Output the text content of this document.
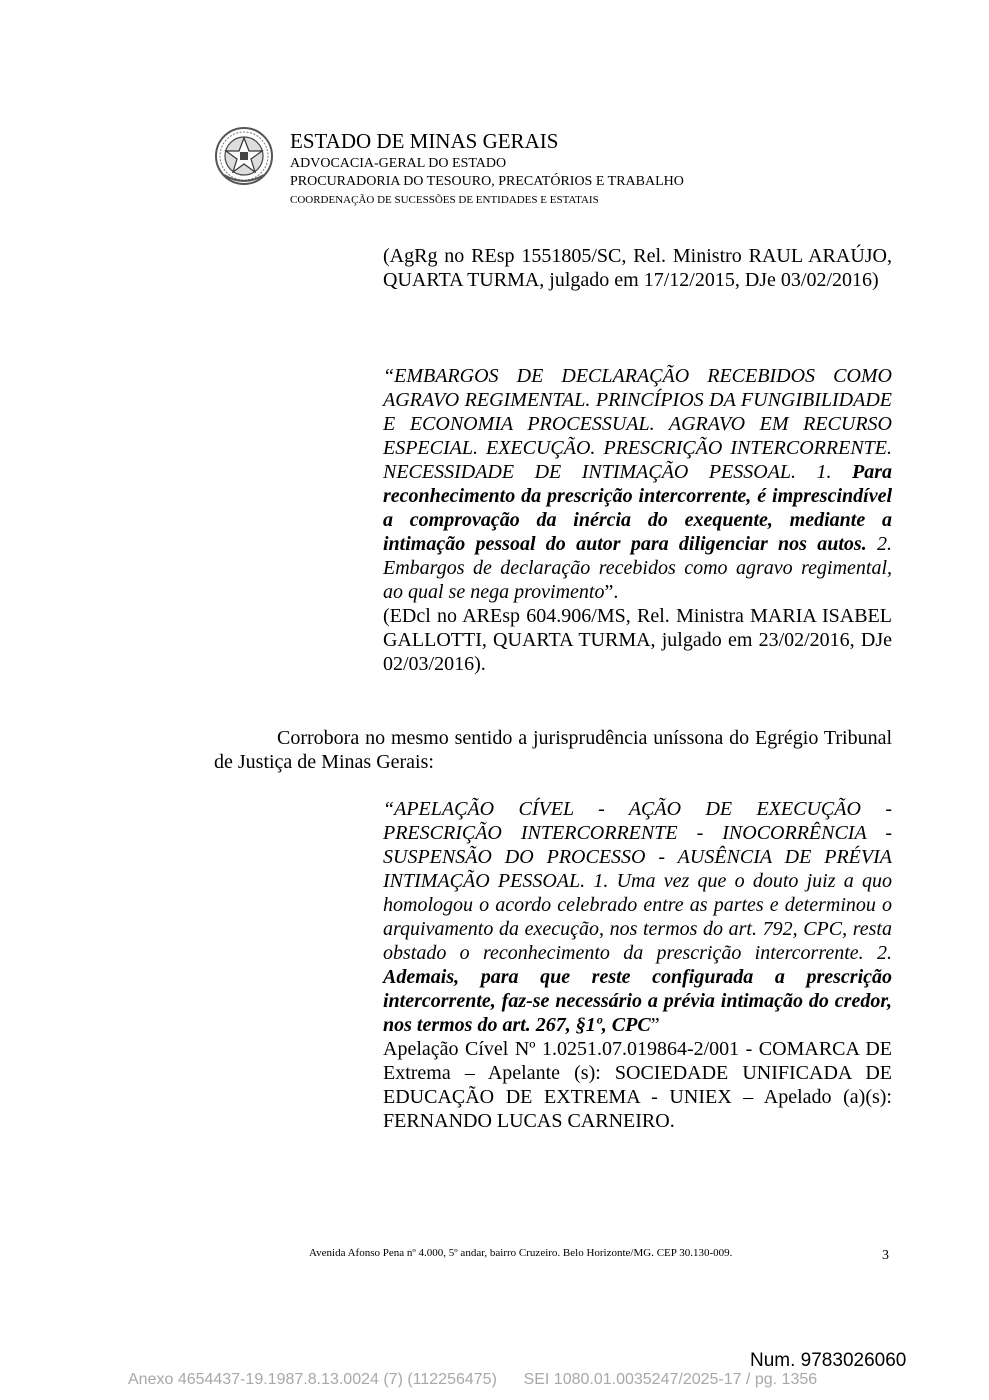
ESTADO DE MINAS GERAIS
ADVOCACIA-GERAL DO ESTADO
PROCURADORIA DO TESOURO, PRECATÓRIOS E TRABALHO
COORDENAÇÃO DE SUCESSÕES DE ENTIDADES E ESTATAIS

(AgRg no REsp 1551805/SC, Rel. Ministro RAUL ARAÚJO, QUARTA TURMA, julgado em 17/12/2015, DJe 03/02/2016)

“EMBARGOS DE DECLARAÇÃO RECEBIDOS COMO AGRAVO REGIMENTAL. PRINCÍPIOS DA FUNGIBILIDADE E ECONOMIA PROCESSUAL. AGRAVO EM RECURSO ESPECIAL. EXECUÇÃO. PRESCRIÇÃO INTERCORRENTE. NECESSIDADE DE INTIMAÇÃO PESSOAL. 1. Para reconhecimento da prescrição intercorrente, é imprescindível a comprovação da inércia do exequente, mediante a intimação pessoal do autor para diligenciar nos autos. 2. Embargos de declaração recebidos como agravo regimental, ao qual se nega provimento”.

(EDcl no AREsp 604.906/MS, Rel. Ministra MARIA ISABEL GALLOTTI, QUARTA TURMA, julgado em 23/02/2016, DJe 02/03/2016).

Corrobora no mesmo sentido a jurisprudência uníssona do Egrégio Tribunal de Justiça de Minas Gerais:

“APELAÇÃO CÍVEL - AÇÃO DE EXECUÇÃO - PRESCRIÇÃO INTERCORRENTE - INOCORRÊNCIA - SUSPENSÃO DO PROCESSO - AUSÊNCIA DE PRÉVIA INTIMAÇÃO PESSOAL. 1. Uma vez que o douto juiz a quo homologou o acordo celebrado entre as partes e determinou o arquivamento da execução, nos termos do art. 792, CPC, resta obstado o reconhecimento da prescrição intercorrente. 2. Ademais, para que reste configurada a prescrição intercorrente, faz-se necessário a prévia intimação do credor, nos termos do art. 267, §1º, CPC”

Apelação Cível Nº 1.0251.07.019864-2/001 - COMARCA DE Extrema – Apelante (s): SOCIEDADE UNIFICADA DE EDUCAÇÃO DE EXTREMA - UNIEX – Apelado (a)(s): FERNANDO LUCAS CARNEIRO.

Avenida Afonso Pena nº 4.000, 5º andar, bairro Cruzeiro. Belo Horizonte/MG. CEP 30.130-009.	3
Num. 9783026060
Anexo 4654437-19.1987.8.13.0024 (7) (112256475)      SEI 1080.01.0035247/2025-17 / pg. 1356
